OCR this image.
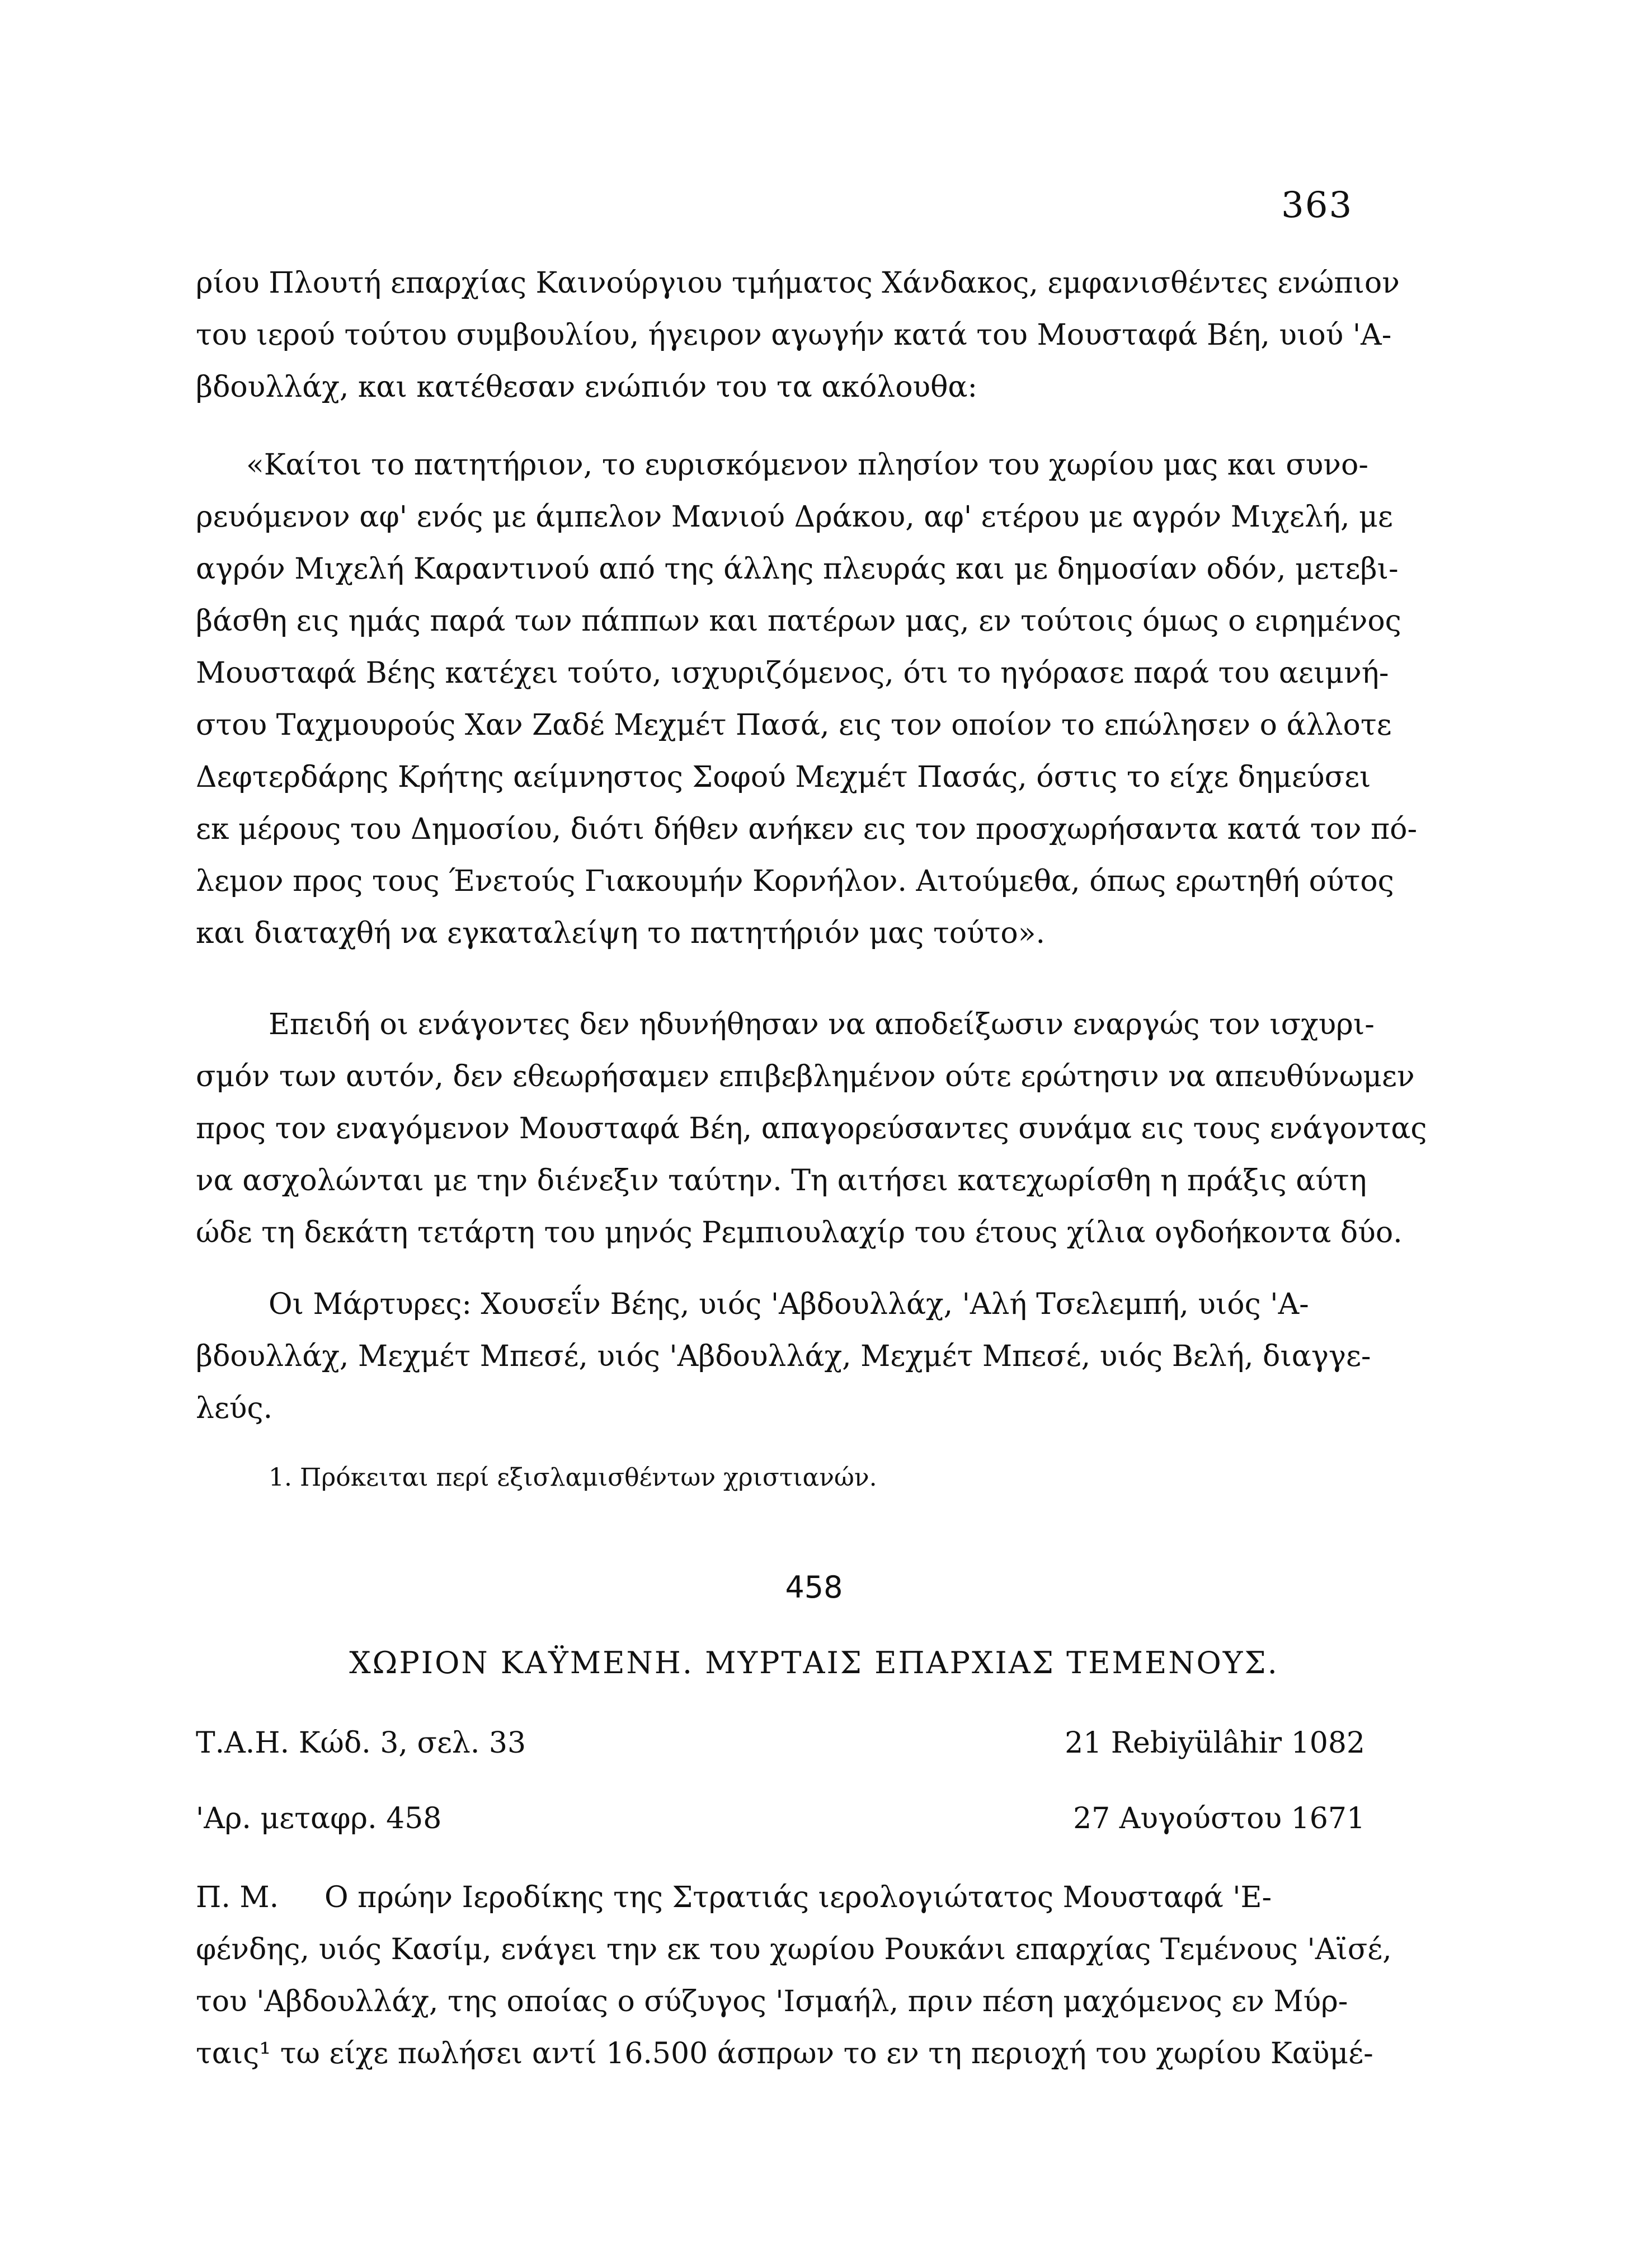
363
ρίου Πλουτή επαρχίας Καινούργιου τμήματος Χάνδακος, εμφανισθέντες ενώπιον
του ιερού τούτου συμβουλίου, ήγειρον αγωγήν κατά του Μουσταφά Βέη, υιού 'Α-
βδουλλάχ, και κατέθεσαν ενώπιόν του τα ακόλουθα:
«Καίτοι το πατητήριον, το ευρισκόμενον πλησίον του χωρίου μας και συνο-
ρευόμενον αφ' ενός με άμπελον Μανιού Δράκου, αφ' ετέρου με αγρόν Μιχελή, με
αγρόν Μιχελή Καραντινού από της άλλης πλευράς και με δημοσίαν οδόν, μετεβι-
βάσθη εις ημάς παρά των πάππων και πατέρων μας, εν τούτοις όμως ο ειρημένος
Μουσταφά Βέης κατέχει τούτο, ισχυριζόμενος, ότι το ηγόρασε παρά του αειμνή-
στου Ταχμουρούς Χαν Ζαδέ Μεχμέτ Πασά, εις τον οποίον το επώλησεν ο άλλοτε
Δεφτερδάρης Κρήτης αείμνηστος Σοφού Μεχμέτ Πασάς, όστις το είχε δημεύσει
εκ μέρους του Δημοσίου, διότι δήθεν ανήκεν εις τον προσχωρήσαντα κατά τον πό-
λεμον προς τους Ένετούς Γιακουμήν Κορνήλον. Αιτούμεθα, όπως ερωτηθή ούτος
και διαταχθή να εγκαταλείψη το πατητήριόν μας τούτο».
Επειδή οι ενάγοντες δεν ηδυνήθησαν να αποδείξωσιν εναργώς τον ισχυρι-
σμόν των αυτόν, δεν εθεωρήσαμεν επιβεβλημένον ούτε ερώτησιν να απευθύνωμεν
προς τον εναγόμενον Μουσταφά Βέη, απαγορεύσαντες συνάμα εις τους ενάγοντας
να ασχολώνται με την διένεξιν ταύτην. Τη αιτήσει κατεχωρίσθη η πράξις αύτη
ώδε τη δεκάτη τετάρτη του μηνός Ρεμπιουλαχίρ του έτους χίλια ογδοήκοντα δύο.
Οι Μάρτυρες: Χουσεΐν Βέης, υιός 'Αβδουλλάχ, 'Αλή Τσελεμπή, υιός 'Α-
βδουλλάχ, Μεχμέτ Μπεσέ, υιός 'Αβδουλλάχ, Μεχμέτ Μπεσέ, υιός Βελή, διαγγε-
λεύς.
1. Πρόκειται περί εξισλαμισθέντων χριστιανών.
458
ΧΩΡΙΟΝ ΚΑΫΜΕΝΗ. ΜΥΡΤΑΙΣ ΕΠΑΡΧΙΑΣ ΤΕΜΕΝΟΥΣ.
Τ.Α.Η. Κώδ. 3, σελ. 33	21 Rebiyülâhir 1082
'Αρ. μεταφρ. 458	27 Αυγούστου 1671
Π. Μ.	Ο πρώην Ιεροδίκης της Στρατιάς ιερολογιώτατος Μουσταφά 'Ε-
φένδης, υιός Κασίμ, ενάγει την εκ του χωρίου Ρουκάνι επαρχίας Τεμένους 'Αϊσέ,
του 'Αβδουλλάχ, της οποίας ο σύζυγος 'Ισμαήλ, πριν πέση μαχόμενος εν Μύρ-
ταις¹ τω είχε πωλήσει αντί 16.500 άσπρων το εν τη περιοχή του χωρίου Καϋμέ-
